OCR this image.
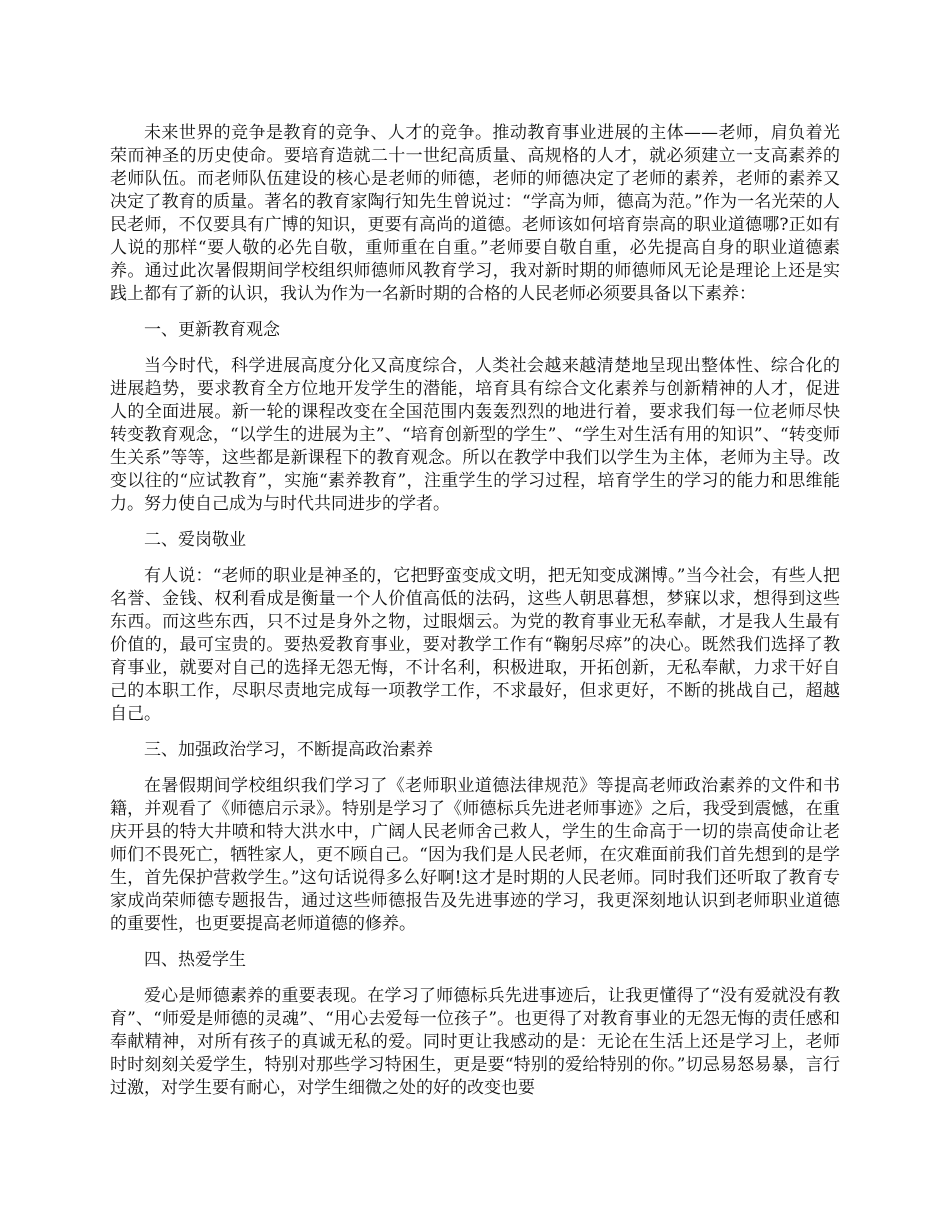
未来世界的竞争是教育的竞争、人才的竞争。推动教育事业进展的主体——老师，肩负着光荣而神圣的历史使命。要培育造就二十一世纪高质量、高规格的人才，就必须建立一支高素养的老师队伍。而老师队伍建设的核心是老师的师德，老师的师德决定了老师的素养，老师的素养又决定了教育的质量。著名的教育家陶行知先生曾说过：“学高为师，德高为范。”作为一名光荣的人民老师，不仅要具有广博的知识，更要有高尚的道德。老师该如何培育崇高的职业道德哪?正如有人说的那样“要人敬的必先自敬，重师重在自重。”老师要自敬自重，必先提高自身的职业道德素养。通过此次暑假期间学校组织师德师风教育学习，我对新时期的师德师风无论是理论上还是实践上都有了新的认识，我认为作为一名新时期的合格的人民老师必须要具备以下素养：

一、更新教育观念

当今时代，科学进展高度分化又高度综合，人类社会越来越清楚地呈现出整体性、综合化的进展趋势，要求教育全方位地开发学生的潜能，培育具有综合文化素养与创新精神的人才，促进人的全面进展。新一轮的课程改变在全国范围内轰轰烈烈的地进行着，要求我们每一位老师尽快转变教育观念，“以学生的进展为主”、“培育创新型的学生”、“学生对生活有用的知识”、“转变师生关系”等等，这些都是新课程下的教育观念。所以在教学中我们以学生为主体，老师为主导。改变以往的“应试教育”，实施“素养教育”，注重学生的学习过程，培育学生的学习的能力和思维能力。努力使自己成为与时代共同进步的学者。

二、爱岗敬业

有人说：“老师的职业是神圣的，它把野蛮变成文明，把无知变成渊博。”当今社会，有些人把名誉、金钱、权利看成是衡量一个人价值高低的法码，这些人朝思暮想，梦寐以求，想得到这些东西。而这些东西，只不过是身外之物，过眼烟云。为党的教育事业无私奉献，才是我人生最有价值的，最可宝贵的。要热爱教育事业，要对教学工作有“鞠躬尽瘁”的决心。既然我们选择了教育事业，就要对自己的选择无怨无悔，不计名利，积极进取，开拓创新，无私奉献，力求干好自己的本职工作，尽职尽责地完成每一项教学工作，不求最好，但求更好，不断的挑战自己，超越自己。

三、加强政治学习，不断提高政治素养

在暑假期间学校组织我们学习了《老师职业道德法律规范》等提高老师政治素养的文件和书籍，并观看了《师德启示录》。特别是学习了《师德标兵先进老师事迹》之后，我受到震憾，在重庆开县的特大井喷和特大洪水中，广阔人民老师舍己救人，学生的生命高于一切的崇高使命让老师们不畏死亡，牺牲家人，更不顾自己。“因为我们是人民老师，在灾难面前我们首先想到的是学生，首先保护营救学生。”这句话说得多么好啊!这才是时期的人民老师。同时我们还听取了教育专家成尚荣师德专题报告，通过这些师德报告及先进事迹的学习，我更深刻地认识到老师职业道德的重要性，也更要提高老师道德的修养。

四、热爱学生

爱心是师德素养的重要表现。在学习了师德标兵先进事迹后，让我更懂得了“没有爱就没有教育”、“师爱是师德的灵魂”、“用心去爱每一位孩子”。也更得了对教育事业的无怨无悔的责任感和奉献精神，对所有孩子的真诚无私的爱。同时更让我感动的是：无论在生活上还是学习上，老师时时刻刻关爱学生，特别对那些学习特困生，更是要“特别的爱给特别的你。”切忌易怒易暴，言行过激，对学生要有耐心，对学生细微之处的好的改变也要
